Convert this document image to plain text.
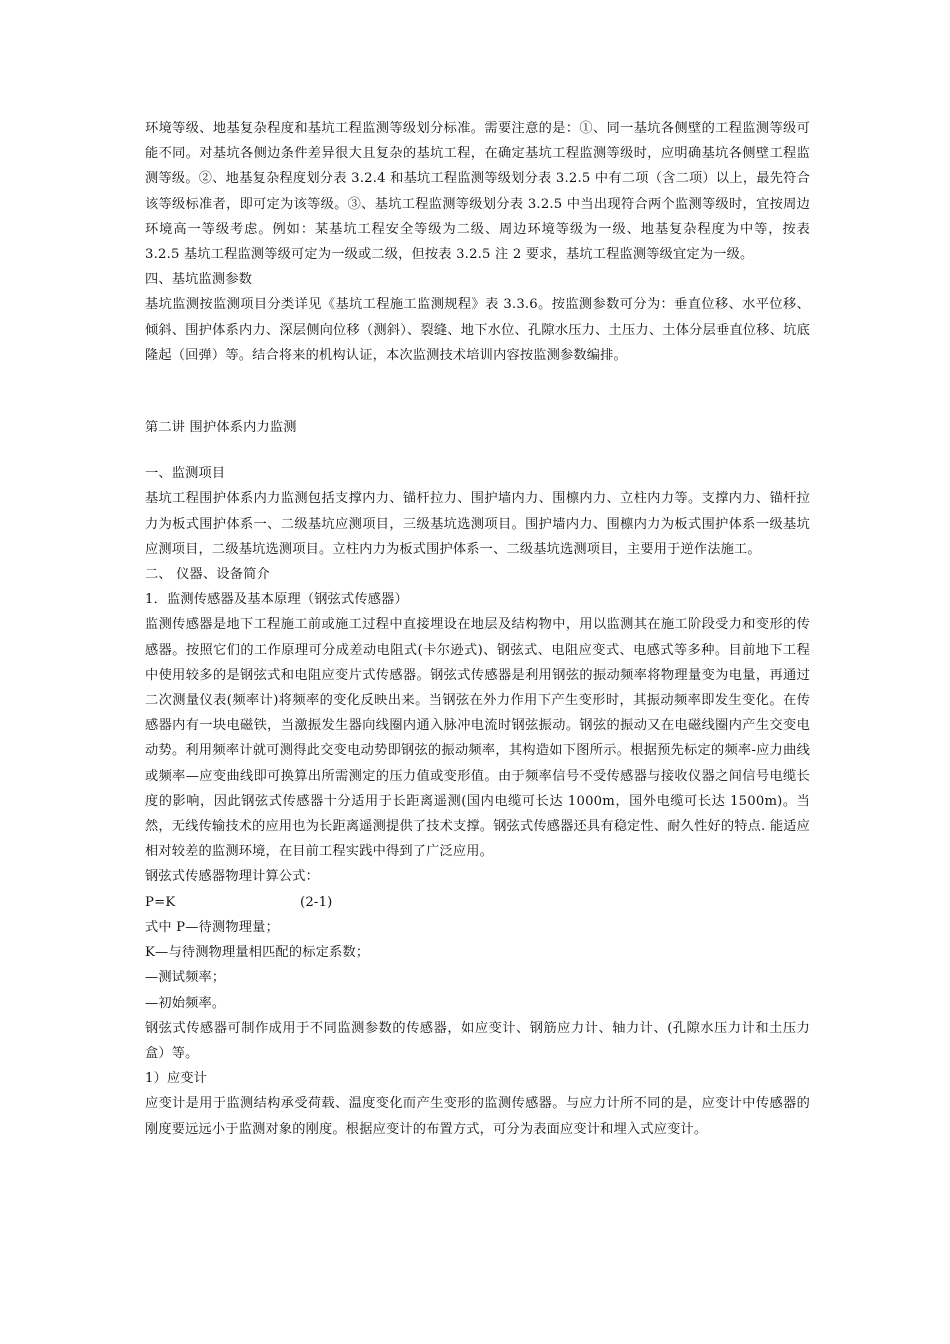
环境等级、地基复杂程度和基坑工程监测等级划分标准。需要注意的是：①、同一基坑各侧壁的工程监测等级可能不同。对基坑各侧边条件差异很大且复杂的基坑工程，在确定基坑工程监测等级时，应明确基坑各侧壁工程监测等级。②、地基复杂程度划分表 3.2.4 和基坑工程监测等级划分表 3.2.5 中有二项（含二项）以上，最先符合该等级标准者，即可定为该等级。③、基坑工程监测等级划分表 3.2.5 中当出现符合两个监测等级时，宜按周边环境高一等级考虑。例如：某基坑工程安全等级为二级、周边环境等级为一级、地基复杂程度为中等，按表 3.2.5 基坑工程监测等级可定为一级或二级，但按表 3.2.5 注 2 要求，基坑工程监测等级宜定为一级。

四、基坑监测参数

基坑监测按监测项目分类详见《基坑工程施工监测规程》表 3.3.6。按监测参数可分为：垂直位移、水平位移、倾斜、围护体系内力、深层侧向位移（测斜）、裂缝、地下水位、孔隙水压力、土压力、土体分层垂直位移、坑底隆起（回弹）等。结合将来的机构认证，本次监测技术培训内容按监测参数编排。

第二讲 围护体系内力监测

一、监测项目

基坑工程围护体系内力监测包括支撑内力、锚杆拉力、围护墙内力、围檩内力、立柱内力等。支撑内力、锚杆拉力为板式围护体系一、二级基坑应测项目，三级基坑选测项目。围护墙内力、围檩内力为板式围护体系一级基坑应测项目，二级基坑选测项目。立柱内力为板式围护体系一、二级基坑选测项目，主要用于逆作法施工。

二、 仪器、设备简介

1．监测传感器及基本原理（钢弦式传感器）

监测传感器是地下工程施工前或施工过程中直接埋设在地层及结构物中，用以监测其在施工阶段受力和变形的传感器。按照它们的工作原理可分成差动电阻式(卡尔逊式)、钢弦式、电阻应变式、电感式等多种。目前地下工程中使用较多的是钢弦式和电阻应变片式传感器。钢弦式传感器是利用钢弦的振动频率将物理量变为电量，再通过二次测量仪表(频率计)将频率的变化反映出来。当钢弦在外力作用下产生变形时，其振动频率即发生变化。在传感器内有一块电磁铁，当激振发生器向线圈内通入脉冲电流时钢弦振动。钢弦的振动又在电磁线圈内产生交变电动势。利用频率计就可测得此交变电动势即钢弦的振动频率，其构造如下图所示。根据预先标定的频率-应力曲线或频率—应变曲线即可换算出所需测定的压力值或变形值。由于频率信号不受传感器与接收仪器之间信号电缆长度的影响，因此钢弦式传感器十分适用于长距离遥测(国内电缆可长达 1000m，国外电缆可长达 1500m)。当然，无线传输技术的应用也为长距离遥测提供了技术支撑。钢弦式传感器还具有稳定性、耐久性好的特点. 能适应相对较差的监测环境，在目前工程实践中得到了广泛应用。

钢弦式传感器物理计算公式：

P=K	(2-1)

式中 P—待测物理量；

K—与待测物理量相匹配的标定系数；

—测试频率；

—初始频率。

钢弦式传感器可制作成用于不同监测参数的传感器，如应变计、钢筋应力计、轴力计、(孔隙水压力计和土压力盒）等。

1）应变计

应变计是用于监测结构承受荷载、温度变化而产生变形的监测传感器。与应力计所不同的是，应变计中传感器的刚度要远远小于监测对象的刚度。根据应变计的布置方式，可分为表面应变计和埋入式应变计。
